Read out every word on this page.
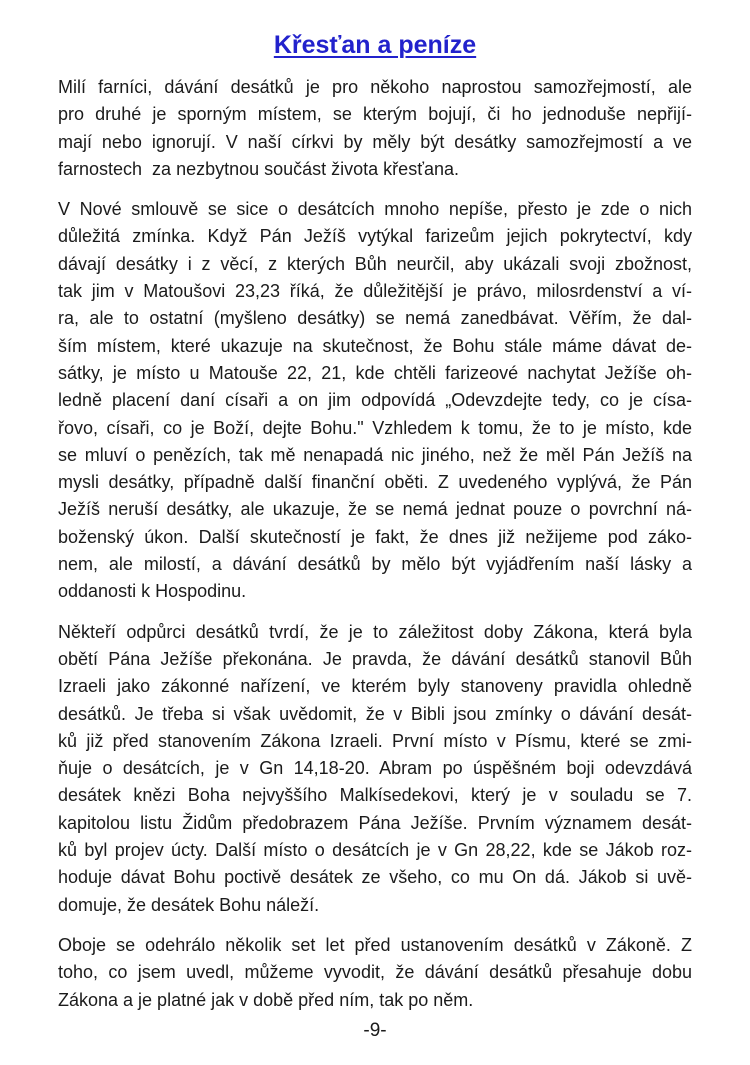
Křesťan a peníze
Milí farníci, dávání desátků je pro někoho naprostou samozřejmostí, ale
pro druhé je sporným místem, se kterým bojují, či ho jednoduše nepřijí-
mají nebo ignorují. V naší církvi by měly být desátky samozřejmostí a ve
farnostech  za nezbytnou součást života křesťana.
V Nové smlouvě se sice o desátcích mnoho nepíše, přesto je zde o nich
důležitá zmínka. Když Pán Ježíš vytýkal farizeům jejich pokrytectví, kdy
dávají desátky i z věcí, z kterých Bůh neurčil, aby ukázali svoji zbožnost,
tak jim v Matoušovi 23,23 říká, že důležitější je právo, milosrdenství a ví-
ra, ale to ostatní (myšleno desátky) se nemá zanedbávat. Věřím, že dal-
ším místem, které ukazuje na skutečnost, že Bohu stále máme dávat de-
sátky, je místo u Matouše 22, 21, kde chtěli farizeové nachytat Ježíše oh-
ledně placení daní císaři a on jim odpovídá „Odevzdejte tedy, co je císa-
řovo, císaři, co je Boží, dejte Bohu." Vzhledem k tomu, že to je místo, kde
se mluví o penězích, tak mě nenapadá nic jiného, než že měl Pán Ježíš na
mysli desátky, případně další finanční oběti. Z uvedeného vyplývá, že Pán
Ježíš neruší desátky, ale ukazuje, že se nemá jednat pouze o povrchní ná-
boženský úkon. Další skutečností je fakt, že dnes již nežijeme pod záko-
nem, ale milostí, a dávání desátků by mělo být vyjádřením naší lásky a
oddanosti k Hospodinu.
Někteří odpůrci desátků tvrdí, že je to záležitost doby Zákona, která byla
obětí Pána Ježíše překonána. Je pravda, že dávání desátků stanovil Bůh
Izraeli jako zákonné nařízení, ve kterém byly stanoveny pravidla ohledně
desátků. Je třeba si však uvědomit, že v Bibli jsou zmínky o dávání desát-
ků již před stanovením Zákona Izraeli. První místo v Písmu, které se zmi-
ňuje o desátcích, je v Gn 14,18-20. Abram po úspěšném boji odevzdává
desátek knězi Boha nejvyššího Malkísedekovi, který je v souladu se 7.
kapitolou listu Židům předobrazem Pána Ježíše. Prvním významem desát-
ků byl projev úcty. Další místo o desátcích je v Gn 28,22, kde se Jákob roz-
hoduje dávat Bohu poctivě desátek ze všeho, co mu On dá. Jákob si uvě-
domuje, že desátek Bohu náleží.
Oboje se odehrálo několik set let před ustanovením desátků v Zákoně. Z
toho, co jsem uvedl, můžeme vyvodit, že dávání desátků přesahuje dobu
Zákona a je platné jak v době před ním, tak po něm.
-9-
